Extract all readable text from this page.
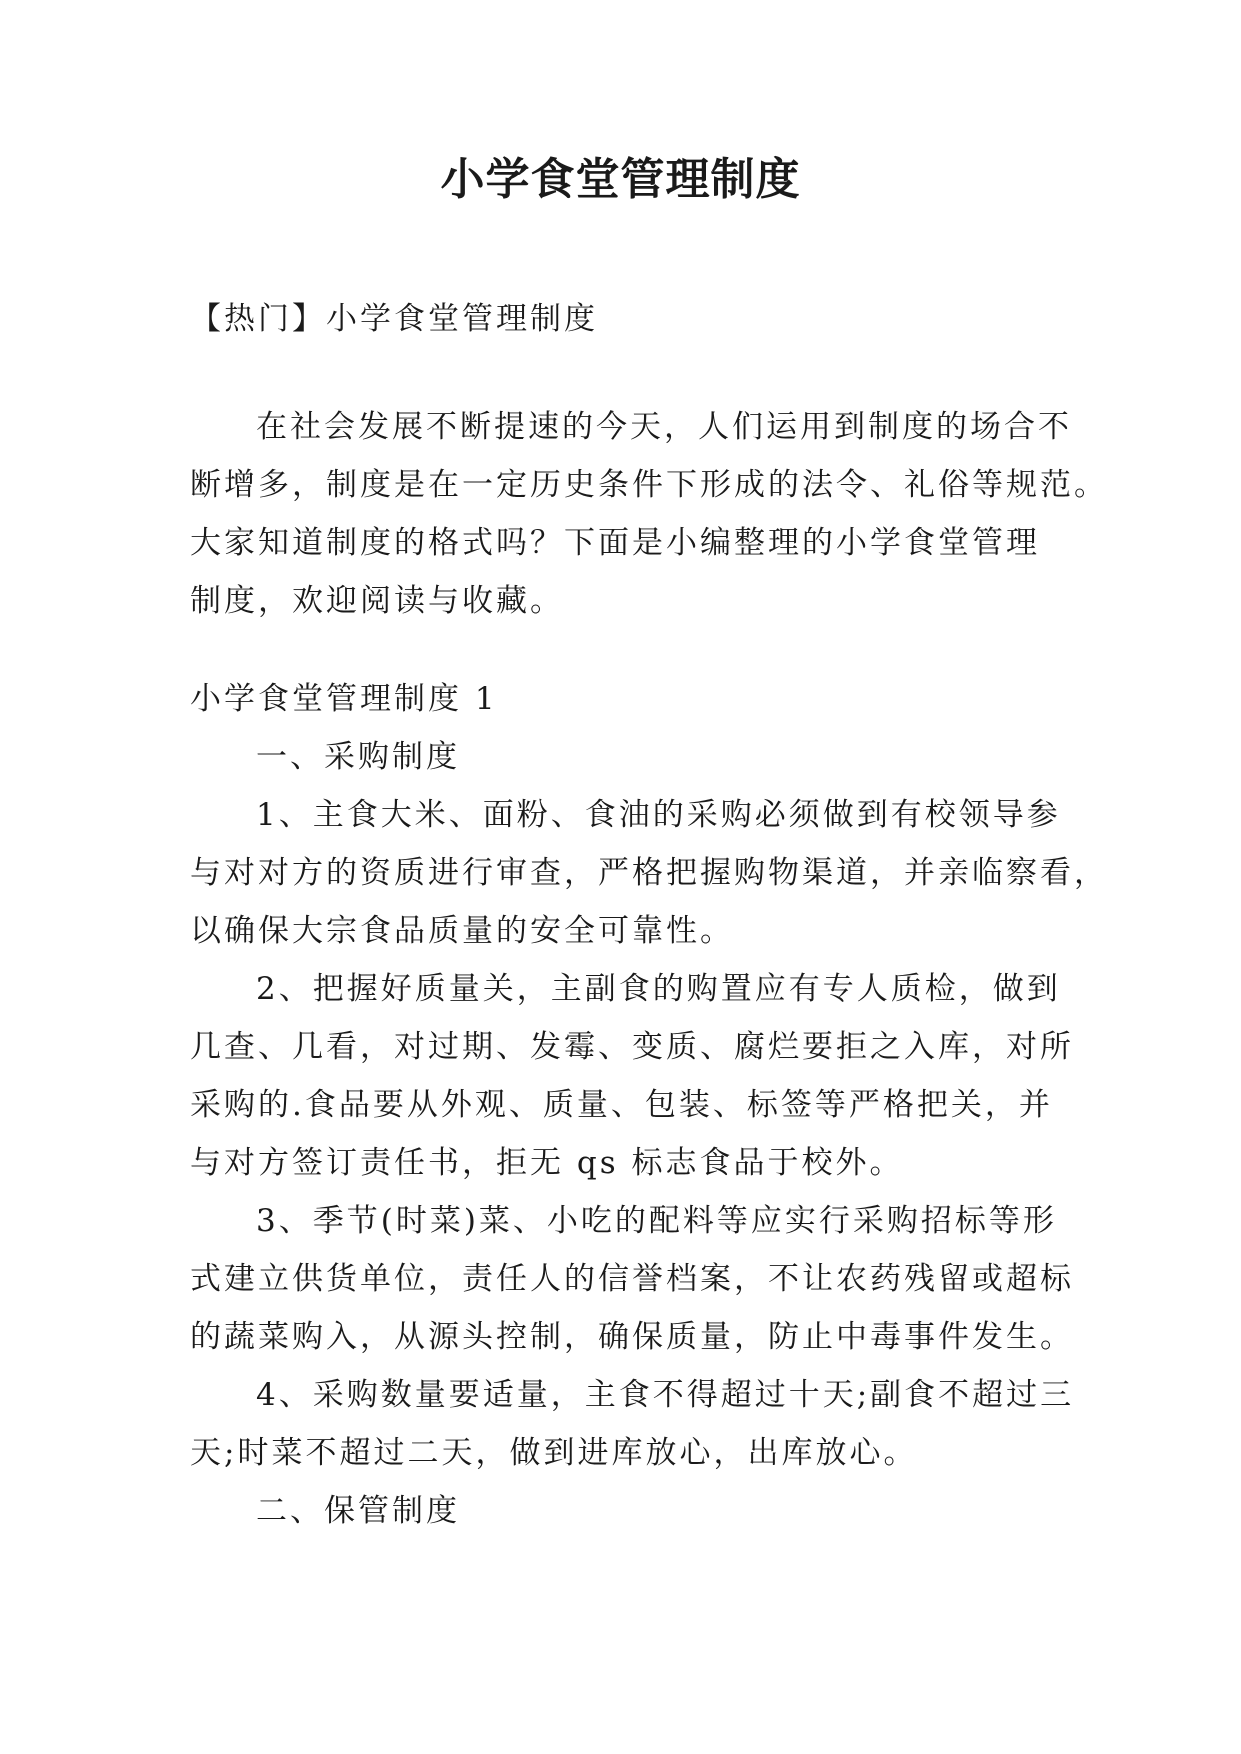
小学食堂管理制度
【热门】小学食堂管理制度
在社会发展不断提速的今天，人们运用到制度的场合不
断增多，制度是在一定历史条件下形成的法令、礼俗等规范。
大家知道制度的格式吗？下面是小编整理的小学食堂管理
制度，欢迎阅读与收藏。
小学食堂管理制度 1
一、采购制度
1、主食大米、面粉、食油的采购必须做到有校领导参
与对对方的资质进行审查，严格把握购物渠道，并亲临察看，
以确保大宗食品质量的安全可靠性。
2、把握好质量关，主副食的购置应有专人质检，做到
几查、几看，对过期、发霉、变质、腐烂要拒之入库，对所
采购的.食品要从外观、质量、包装、标签等严格把关，并
与对方签订责任书，拒无 qs 标志食品于校外。
3、季节(时菜)菜、小吃的配料等应实行采购招标等形
式建立供货单位，责任人的信誉档案，不让农药残留或超标
的蔬菜购入，从源头控制，确保质量，防止中毒事件发生。
4、采购数量要适量，主食不得超过十天;副食不超过三
天;时菜不超过二天，做到进库放心，出库放心。
二、保管制度
